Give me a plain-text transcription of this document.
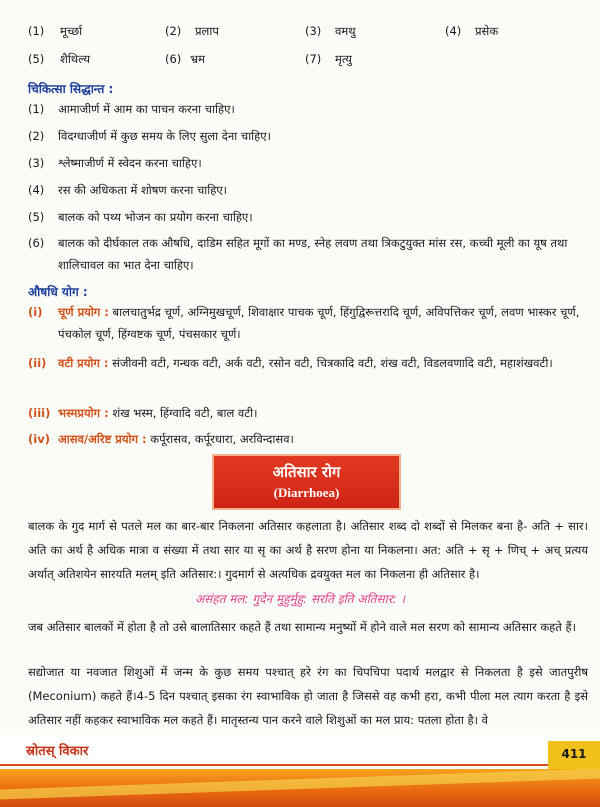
(1) मूर्च्छा	(2) प्रलाप	(3) वमथु	(4) प्रसेक
(5) शैथिल्य	(6) भ्रम	(7) मृत्यु
चिकित्सा सिद्धान्त :
(1) आमाजीर्ण में आम का पाचन करना चाहिए।
(2) विदग्धाजीर्ण में कुछ समय के लिए सुला देना चाहिए।
(3) श्लेष्माजीर्ण में स्वेदन करना चाहिए।
(4) रस की अधिकता में शोषण करना चाहिए।
(5) बालक को पथ्य भोजन का प्रयोग करना चाहिए।
(6) बालक को दीर्घकाल तक औषधि, दाडिम सहित मूगों का मण्ड, स्नेह लवण तथा त्रिकटुयुक्त मांस रस, कच्ची मूली का यूष तथा शालिचावल का भात देना चाहिए।
औषधि योग :
(i) चूर्ण प्रयोग : बालचातुर्भद्र चूर्ण, अग्निमुखचूर्ण, शिवाक्षार पाचक चूर्ण, हिंगुद्विरूत्तरादि चूर्ण, अविपत्तिकर चूर्ण, लवण भास्कर चूर्ण, पंचकोल चूर्ण, हिंग्वष्टक चूर्ण, पंचसकार चूर्ण।
(ii) वटी प्रयोग : संजीवनी वटी, गन्धक वटी, अर्क वटी, रसोन वटी, चित्रकादि वटी, शंख वटी, विडलवणादि वटी, महाशंखवटी।
(iii) भस्मप्रयोग : शंख भस्म, हिंग्वादि वटी, बाल वटी।
(iv) आसव/अरिष्ट प्रयोग : कर्पूरासव, कर्पूरधारा, अरविन्दासव।
अतिसार रोग
(Diarrhoea)
बालक के गुद मार्ग से पतले मल का बार-बार निकलना अतिसार कहलाता है। अतिसार शब्द दो शब्दों से मिलकर बना है- अति + सार। अति का अर्थ है अधिक मात्रा व संख्या में तथा सार या सृ का अर्थ है सरण होना या निकलना। अत: अति + सृ + णिच् + अच् प्रत्यय अर्थात् अतिशयेन सारयति मलम् इति अतिसार:। गुदमार्ग से अत्यधिक द्रवयुक्त मल का निकलना ही अतिसार है।
असंहत मल: गुदेन मुहुर्मुहु: सरति इति अतिसार: ।
जब अतिसार बालकों में होता है तो उसे बालातिसार कहते हैं तथा सामान्य मनुष्यों में होने वाले मल सरण को सामान्य अतिसार कहते हैं।
सद्योजात या नवजात शिशुओं में जन्म के कुछ समय पश्चात् हरे रंग का चिपचिपा पदार्थ मलद्वार से निकलता है इसे जातपुरीष (Meconium) कहते हैं।4-5 दिन पश्चात् इसका रंग स्वाभाविक हो जाता है जिससे वह कभी हरा, कभी पीला मल त्याग करता है इसे अतिसार नहीं कहकर स्वाभाविक मल कहते हैं। मातृस्तन्य पान करने वाले शिशुओं का मल प्राय: पतला होता है। वे
स्रोतस् विकार	411
